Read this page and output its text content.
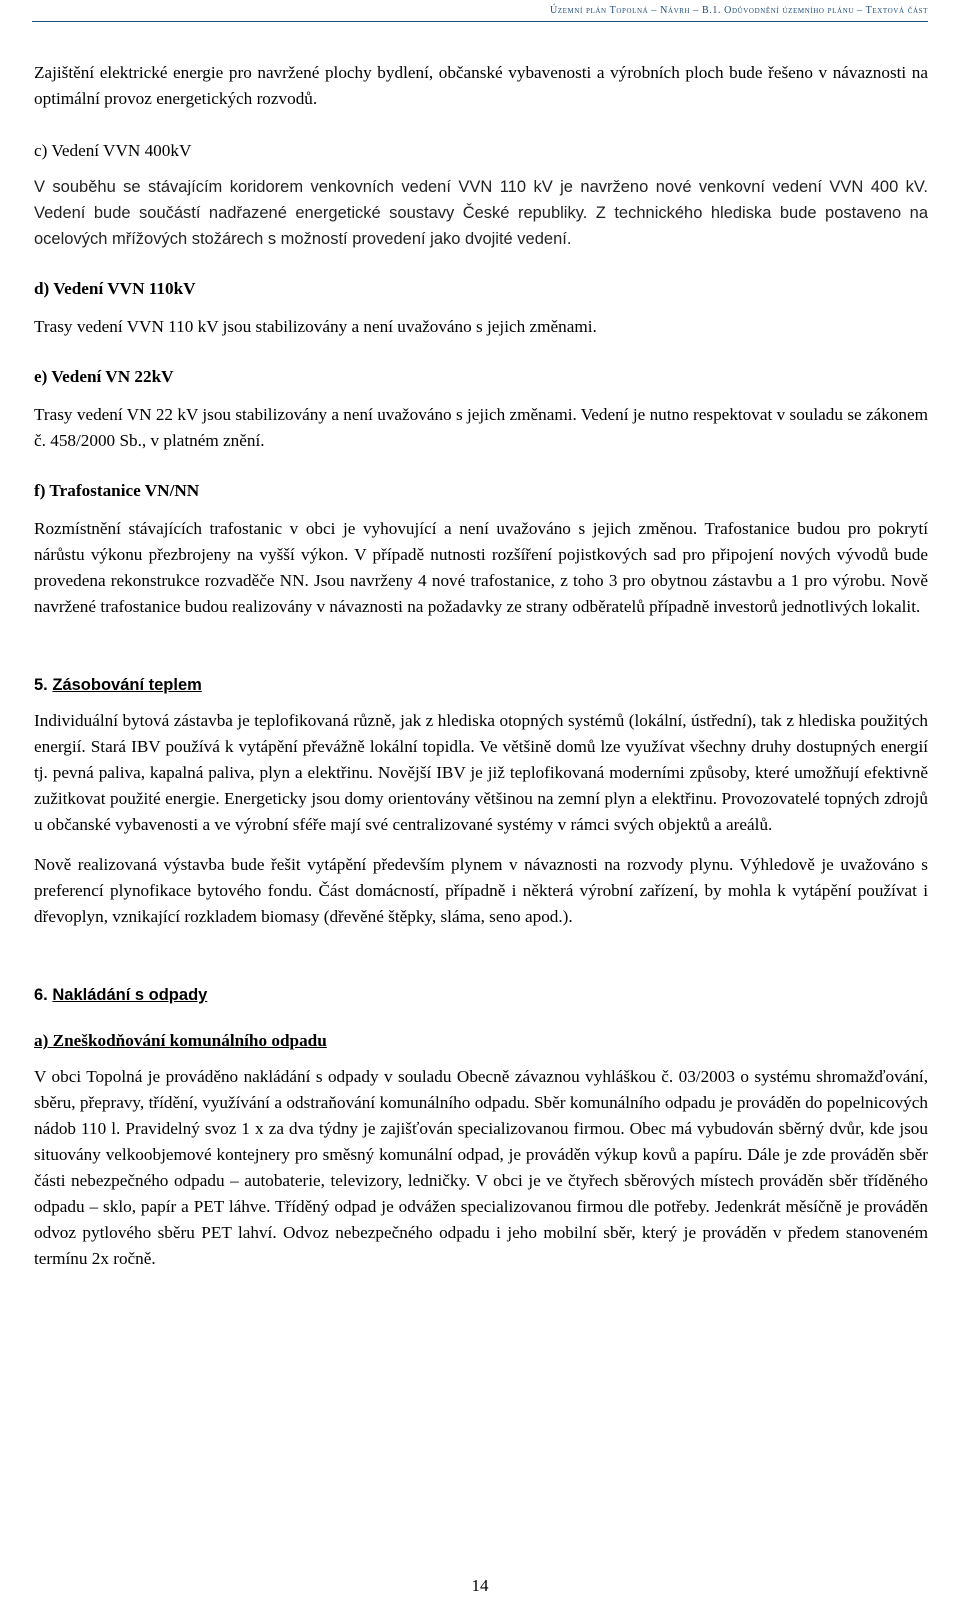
Územní plán Topolná – Návrh – B.1. Odůvodnění územního plánu – Textová část

Zajištění elektrické energie pro navržené plochy bydlení, občanské vybavenosti a výrobních ploch bude řešeno v návaznosti na optimální provoz energetických rozvodů.

c) Vedení VVN 400kV

V souběhu se stávajícím koridorem venkovních vedení VVN 110 kV je navrženo nové venkovní vedení VVN 400 kV. Vedení bude součástí nadřazené energetické soustavy České republiky. Z technického hlediska bude postaveno na ocelových mřížových stožárech s možností provedení jako dvojité vedení.

d) Vedení VVN 110kV

Trasy vedení VVN 110 kV jsou stabilizovány a není uvažováno s jejich změnami.

e) Vedení VN 22kV

Trasy vedení VN 22 kV jsou stabilizovány a není uvažováno s jejich změnami. Vedení je nutno respektovat v souladu se zákonem č. 458/2000 Sb., v platném znění.

f) Trafostanice VN/NN

Rozmístnění stávajících trafostanic v obci je vyhovující a není uvažováno s jejich změnou. Trafostanice budou pro pokrytí nárůstu výkonu přezbrojeny na vyšší výkon. V případě nutnosti rozšíření pojistkových sad pro připojení nových vývodů bude provedena rekonstrukce rozvaděče NN. Jsou navrženy 4 nové trafostanice, z toho 3 pro obytnou zástavbu a 1 pro výrobu. Nově navržené trafostanice budou realizovány v návaznosti na požadavky ze strany odběratelů případně investorů jednotlivých lokalit.

5. Zásobování teplem

Individuální bytová zástavba je teplofikovaná různě, jak z hlediska otopných systémů (lokální, ústřední), tak z hlediska použitých energií. Stará IBV používá k vytápění převážně lokální topidla. Ve většině domů lze využívat všechny druhy dostupných energií tj. pevná paliva, kapalná paliva, plyn a elektřinu. Novější IBV je již teplofikovaná moderními způsoby, které umožňují efektivně zužitkovat použité energie. Energeticky jsou domy orientovány většinou na zemní plyn a elektřinu. Provozovatelé topných zdrojů u občanské vybavenosti a ve výrobní sféře mají své centralizované systémy v rámci svých objektů a areálů.

Nově realizovaná výstavba bude řešit vytápění především plynem v návaznosti na rozvody plynu. Výhledově je uvažováno s preferencí plynofikace bytového fondu. Část domácností, případně i některá výrobní zařízení, by mohla k vytápění používat i dřevoplyn, vznikající rozkladem biomasy (dřevěné štěpky, sláma, seno apod.).

6. Nakládání s odpady

a) Zneškodňování komunálního odpadu

V obci Topolná je prováděno nakládání s odpady v souladu Obecně závaznou vyhláškou č. 03/2003 o systému shromažďování, sběru, přepravy, třídění, využívání a odstraňování komunálního odpadu. Sběr komunálního odpadu je prováděn do popelnicových nádob 110 l. Pravidelný svoz 1 x za dva týdny je zajišťován specializovanou firmou. Obec má vybudován sběrný dvůr, kde jsou situovány velkoobjemové kontejnery pro směsný komunální odpad, je prováděn výkup kovů a papíru. Dále je zde prováděn sběr části nebezpečného odpadu – autobaterie, televizory, ledničky. V obci je ve čtyřech sběrových místech prováděn sběr tříděného odpadu – sklo, papír a PET láhve. Tříděný odpad je odvážen specializovanou firmou dle potřeby. Jedenkrát měsíčně je prováděn odvoz pytlového sběru PET lahví. Odvoz nebezpečného odpadu i jeho mobilní sběr, který je prováděn v předem stanoveném termínu 2x ročně.

14
